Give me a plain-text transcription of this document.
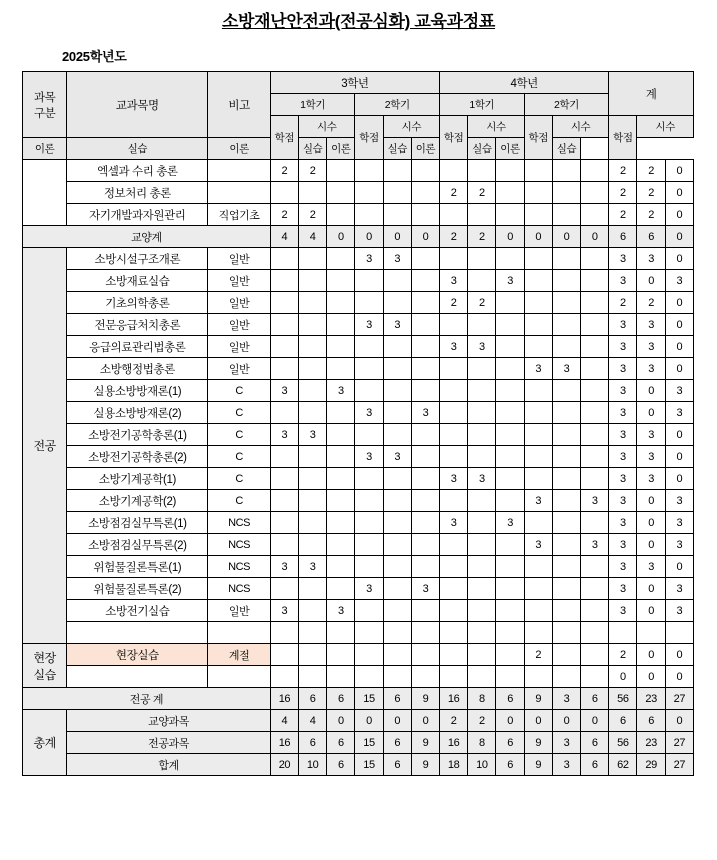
소방재난안전과(전공심화) 교육과정표
2025학년도
과목
구분	교과목명	비고	3학년						4학년						계		
			1학기			2학기			1학기			2학기					
			학점	시수		학점	시수		학점	시수		학점	시수		학점	시수	
이론	실습	이론		실습	이론		실습	이론		실습	이론		실습				
	엑셀과 수리 총론		2	2											2	2	0
	정보처리 총론								2	2					2	2	0
	자기개발과자원관리	직업기초	2	2											2	2	0
교양계			4	4	0	0	0	0	2	2	0	0	0	0	6	6	0
전공	소방시설구조개론	일반				3	3								3	3	0
	소방재료실습	일반							3		3				3	0	3
	기초의학총론	일반							2	2					2	2	0
	전문응급처치총론	일반				3	3								3	3	0
	응급의료관리법총론	일반							3	3					3	3	0
	소방행정법총론	일반										3	3		3	3	0
	실용소방방재론(1)	C	3		3										3	0	3
	실용소방방재론(2)	C				3		3							3	0	3
	소방전기공학총론(1)	C	3	3											3	3	0
	소방전기공학총론(2)	C				3	3								3	3	0
	소방기계공학(1)	C							3	3					3	3	0
	소방기계공학(2)	C										3		3	3	0	3
	소방점검실무특론(1)	NCS							3		3				3	0	3
	소방점검실무특론(2)	NCS										3		3	3	0	3
	위험물질론특론(1)	NCS	3	3											3	3	0
	위험물질론특론(2)	NCS				3		3							3	0	3
	소방전기실습	일반	3		3										3	0	3

현장
실습	현장실습	계절										2			2	0	0
															0	0	0
전공 계			16	6	6	15	6	9	16	8	6	9	3	6	56	23	27
총계	교양과목		4	4	0	0	0	0	2	2	0	0	0	0	6	6	0
	전공과목		16	6	6	15	6	9	16	8	6	9	3	6	56	23	27
	합계		20	10	6	15	6	9	18	10	6	9	3	6	62	29	27
